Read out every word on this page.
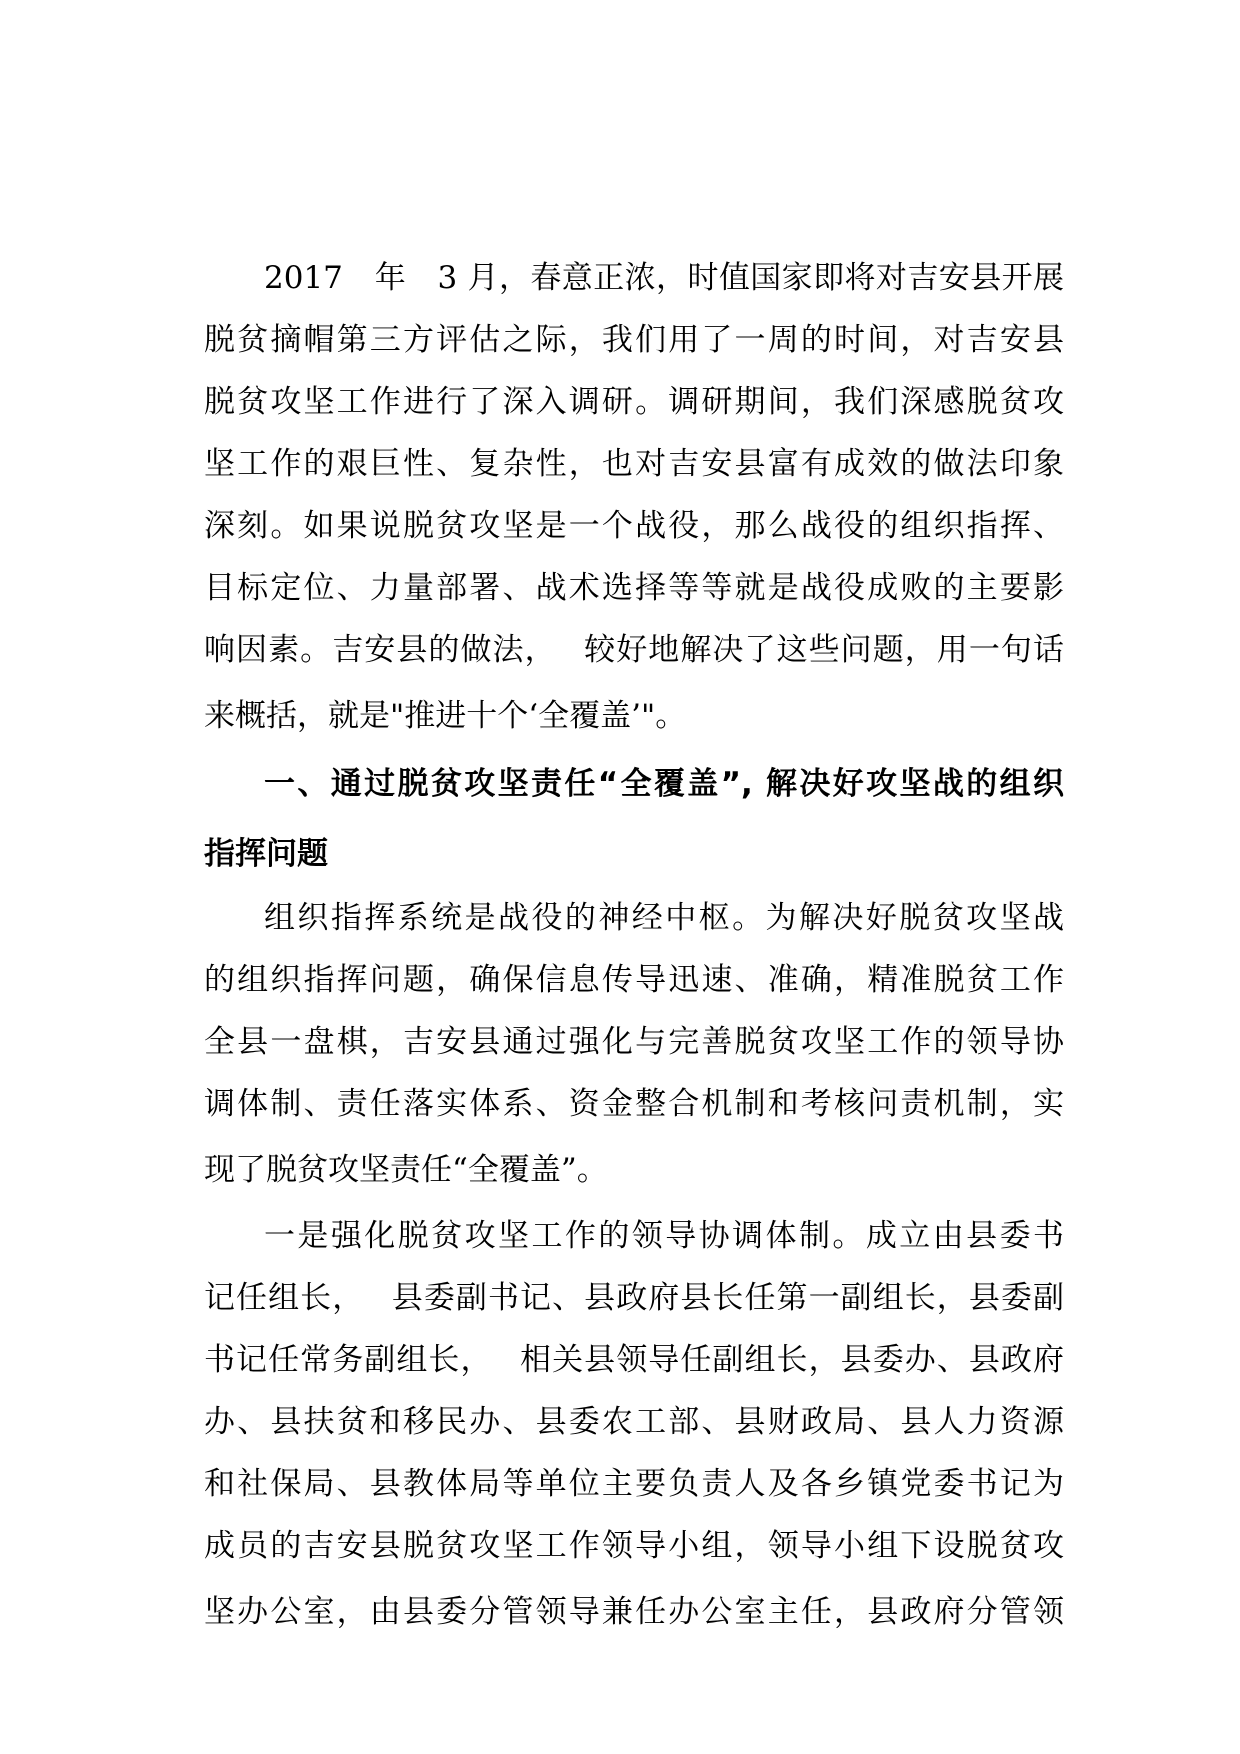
2017　年　3 月，春意正浓，时值国家即将对吉安县开展
脱贫摘帽第三方评估之际，我们用了一周的时间，对吉安县
脱贫攻坚工作进行了深入调研。调研期间，我们深感脱贫攻
坚工作的艰巨性、复杂性，也对吉安县富有成效的做法印象
深刻。如果说脱贫攻坚是一个战役，那么战役的组织指挥、
目标定位、力量部署、战术选择等等就是战役成败的主要影
响因素。吉安县的做法，　 较好地解决了这些问题，用一句话
来概括，就是"推进十个‘全覆盖’"。
一、通过脱贫攻坚责任“全覆盖”, 解决好攻坚战的组织
指挥问题
组织指挥系统是战役的神经中枢。为解决好脱贫攻坚战
的组织指挥问题，确保信息传导迅速、准确，精准脱贫工作
全县一盘棋，吉安县通过强化与完善脱贫攻坚工作的领导协
调体制、责任落实体系、资金整合机制和考核问责机制，实
现了脱贫攻坚责任“全覆盖”。
一是强化脱贫攻坚工作的领导协调体制。成立由县委书
记任组长，　 县委副书记、县政府县长任第一副组长，县委副
书记任常务副组长，　 相关县领导任副组长，县委办、县政府
办、县扶贫和移民办、县委农工部、县财政局、县人力资源
和社保局、县教体局等单位主要负责人及各乡镇党委书记为
成员的吉安县脱贫攻坚工作领导小组，领导小组下设脱贫攻
坚办公室，由县委分管领导兼任办公室主任，县政府分管领
